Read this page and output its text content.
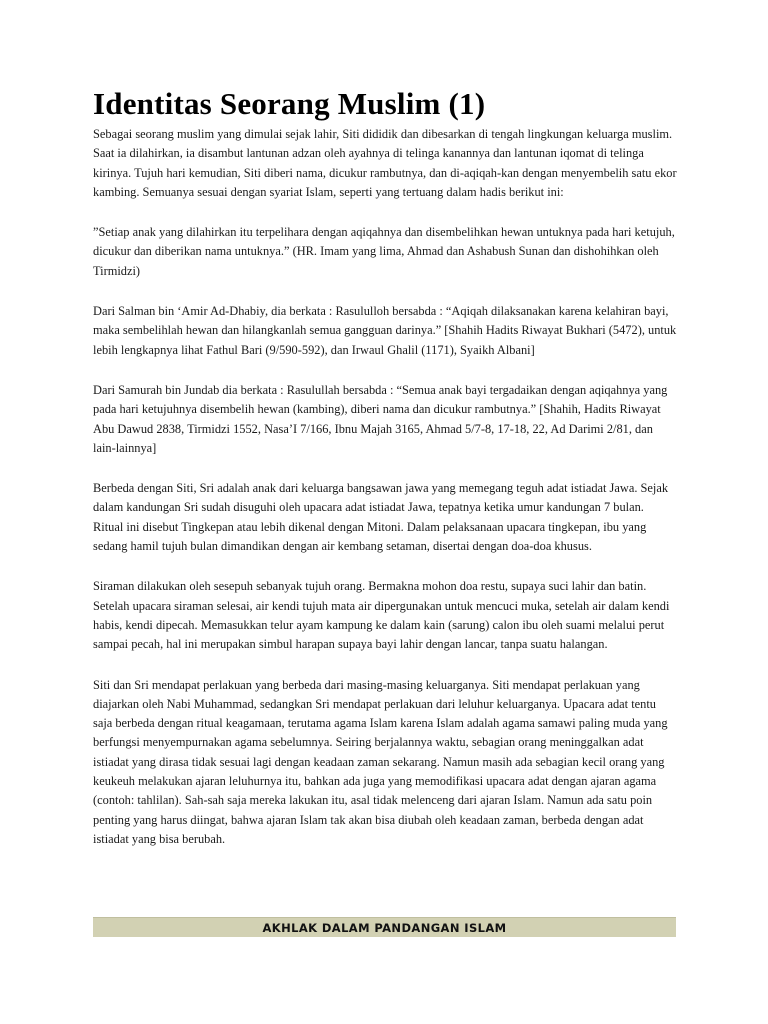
Identitas Seorang Muslim (1)

Sebagai seorang muslim yang dimulai sejak lahir, Siti dididik dan dibesarkan di tengah lingkungan keluarga muslim. Saat ia dilahirkan, ia disambut lantunan adzan oleh ayahnya di telinga kanannya dan lantunan iqomat di telinga kirinya. Tujuh hari kemudian, Siti diberi nama, dicukur rambutnya, dan di-aqiqah-kan dengan menyembelih satu ekor kambing. Semuanya sesuai dengan syariat Islam, seperti yang tertuang dalam hadis berikut ini:

”Setiap anak yang dilahirkan itu terpelihara dengan aqiqahnya dan disembelihkan hewan untuknya pada hari ketujuh, dicukur dan diberikan nama untuknya.” (HR. Imam yang lima, Ahmad dan Ashabush Sunan dan dishohihkan oleh Tirmidzi)

Dari Salman bin ‘Amir Ad-Dhabiy, dia berkata : Rasululloh bersabda : “Aqiqah dilaksanakan karena kelahiran bayi, maka sembelihlah hewan dan hilangkanlah semua gangguan darinya.” [Shahih Hadits Riwayat Bukhari (5472), untuk lebih lengkapnya lihat Fathul Bari (9/590-592), dan Irwaul Ghalil (1171), Syaikh Albani]

Dari Samurah bin Jundab dia berkata : Rasulullah bersabda : “Semua anak bayi tergadaikan dengan aqiqahnya yang pada hari ketujuhnya disembelih hewan (kambing), diberi nama dan dicukur rambutnya.” [Shahih, Hadits Riwayat Abu Dawud 2838, Tirmidzi 1552, Nasa’I 7/166, Ibnu Majah 3165, Ahmad 5/7-8, 17-18, 22, Ad Darimi 2/81, dan lain-lainnya]

Berbeda dengan Siti, Sri adalah anak dari keluarga bangsawan jawa yang memegang teguh adat istiadat Jawa. Sejak dalam kandungan Sri sudah disuguhi oleh upacara adat istiadat Jawa, tepatnya ketika umur kandungan 7 bulan. Ritual ini disebut Tingkepan atau lebih dikenal dengan Mitoni. Dalam pelaksanaan upacara tingkepan, ibu yang sedang hamil tujuh bulan dimandikan dengan air kembang setaman, disertai dengan doa-doa khusus.

Siraman dilakukan oleh sesepuh sebanyak tujuh orang. Bermakna mohon doa restu, supaya suci lahir dan batin. Setelah upacara siraman selesai, air kendi tujuh mata air dipergunakan untuk mencuci muka, setelah air dalam kendi habis, kendi dipecah. Memasukkan telur ayam kampung ke dalam kain (sarung) calon ibu oleh suami melalui perut sampai pecah, hal ini merupakan simbul harapan supaya bayi lahir dengan lancar, tanpa suatu halangan.

Siti dan Sri mendapat perlakuan yang berbeda dari masing-masing keluarganya. Siti mendapat perlakuan yang diajarkan oleh Nabi Muhammad, sedangkan Sri mendapat perlakuan dari leluhur keluarganya. Upacara adat tentu saja berbeda dengan ritual keagamaan, terutama agama Islam karena Islam adalah agama samawi paling muda yang berfungsi menyempurnakan agama sebelumnya. Seiring berjalannya waktu, sebagian orang meninggalkan adat istiadat yang dirasa tidak sesuai lagi dengan keadaan zaman sekarang. Namun masih ada sebagian kecil orang yang keukeuh melakukan ajaran leluhurnya itu, bahkan ada juga yang memodifikasi upacara adat dengan ajaran agama (contoh: tahlilan). Sah-sah saja mereka lakukan itu, asal tidak melenceng dari ajaran Islam. Namun ada satu poin penting yang harus diingat, bahwa ajaran Islam tak akan bisa diubah oleh keadaan zaman, berbeda dengan adat istiadat yang bisa berubah.

AKHLAK DALAM PANDANGAN ISLAM
